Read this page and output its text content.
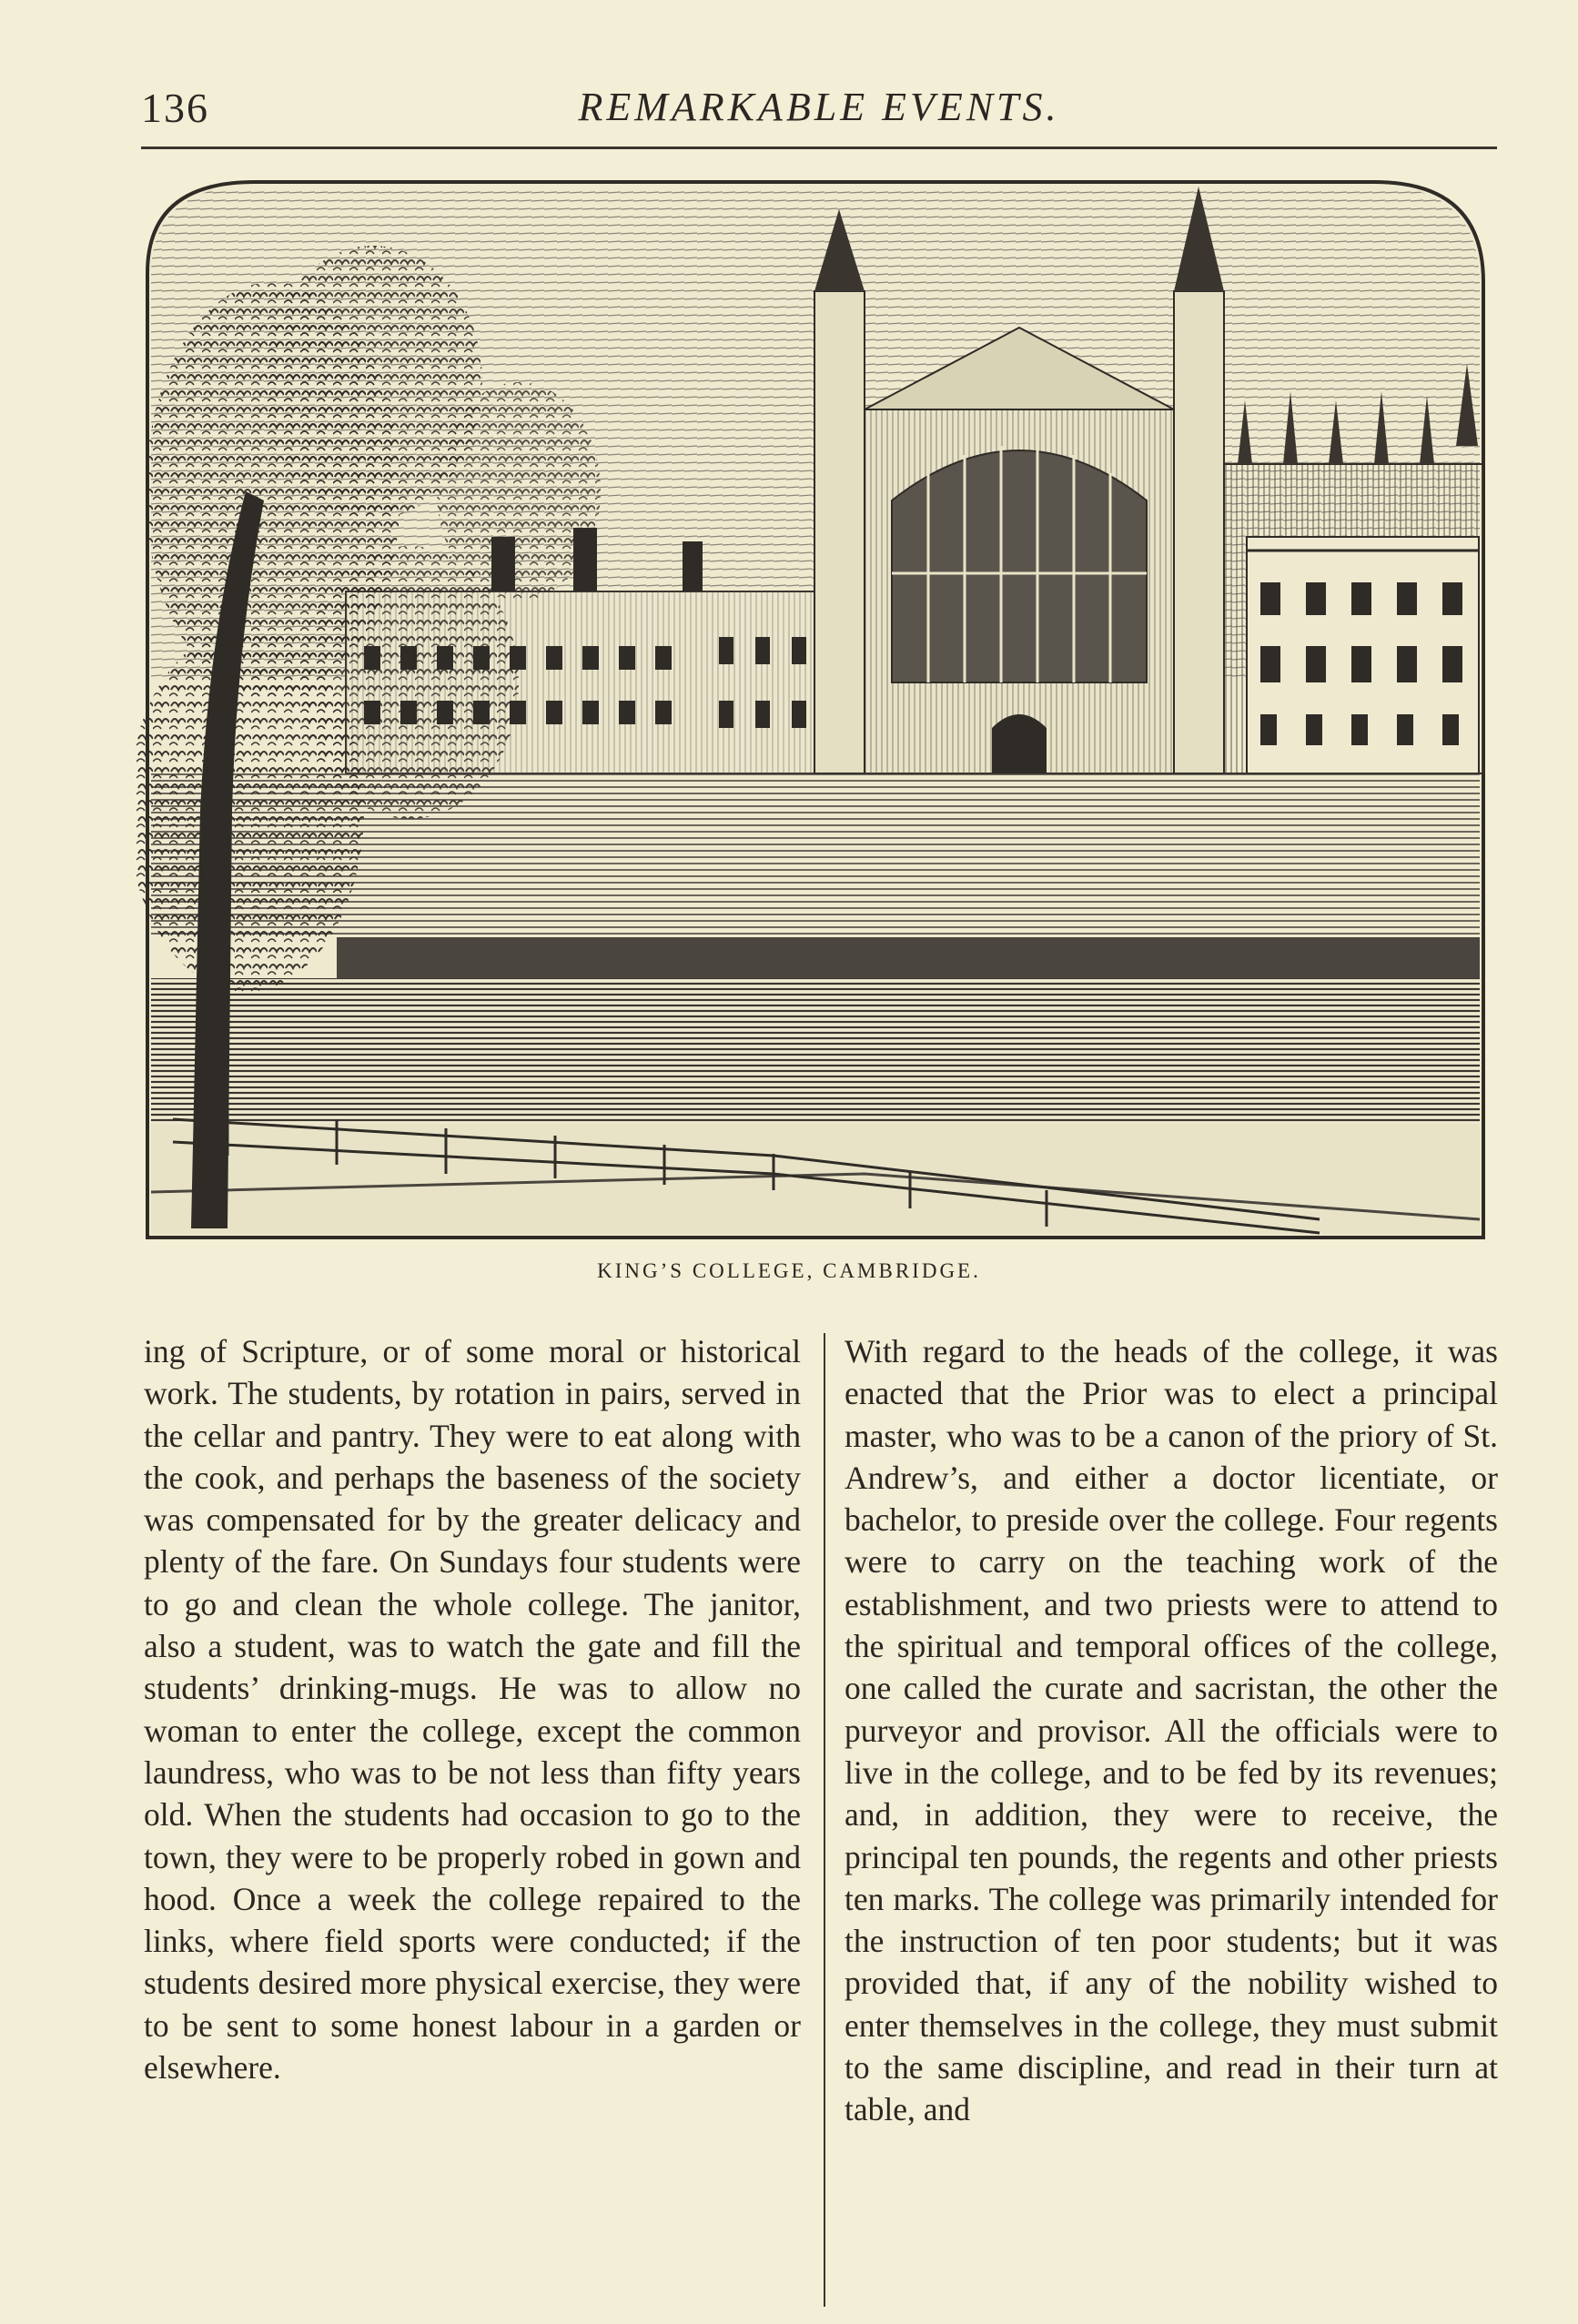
REMARKABLE EVENTS.
136
KING’S COLLEGE, CAMBRIDGE.

ing of Scripture, or of some moral or historical work. The students, by rotation in pairs, served in the cellar and pantry. They were to eat along with the cook, and perhaps the baseness of the society was compensated for by the greater delicacy and plenty of the fare. On Sundays four students were to go and clean the whole college. The janitor, also a student, was to watch the gate and fill the students’ drinking-mugs. He was to allow no woman to enter the college, except the common laundress, who was to be not less than fifty years old. When the students had occasion to go to the town, they were to be properly robed in gown and hood. Once a week the college repaired to the links, where field sports were conducted; if the students desired more physical exercise, they were to be sent to some honest labour in a garden or elsewhere.

With regard to the heads of the college, it was enacted that the Prior was to elect a principal master, who was to be a canon of the priory of St. Andrew’s, and either a doctor licentiate, or bachelor, to preside over the college. Four regents were to carry on the teaching work of the establishment, and two priests were to attend to the spiritual and temporal offices of the college, one called the curate and sacristan, the other the purveyor and provisor. All the officials were to live in the college, and to be fed by its revenues; and, in addition, they were to receive, the principal ten pounds, the regents and other priests ten marks. The college was primarily intended for the instruction of ten poor students; but it was provided that, if any of the nobility wished to enter themselves in the college, they must submit to the same discipline, and read in their turn at table, and
